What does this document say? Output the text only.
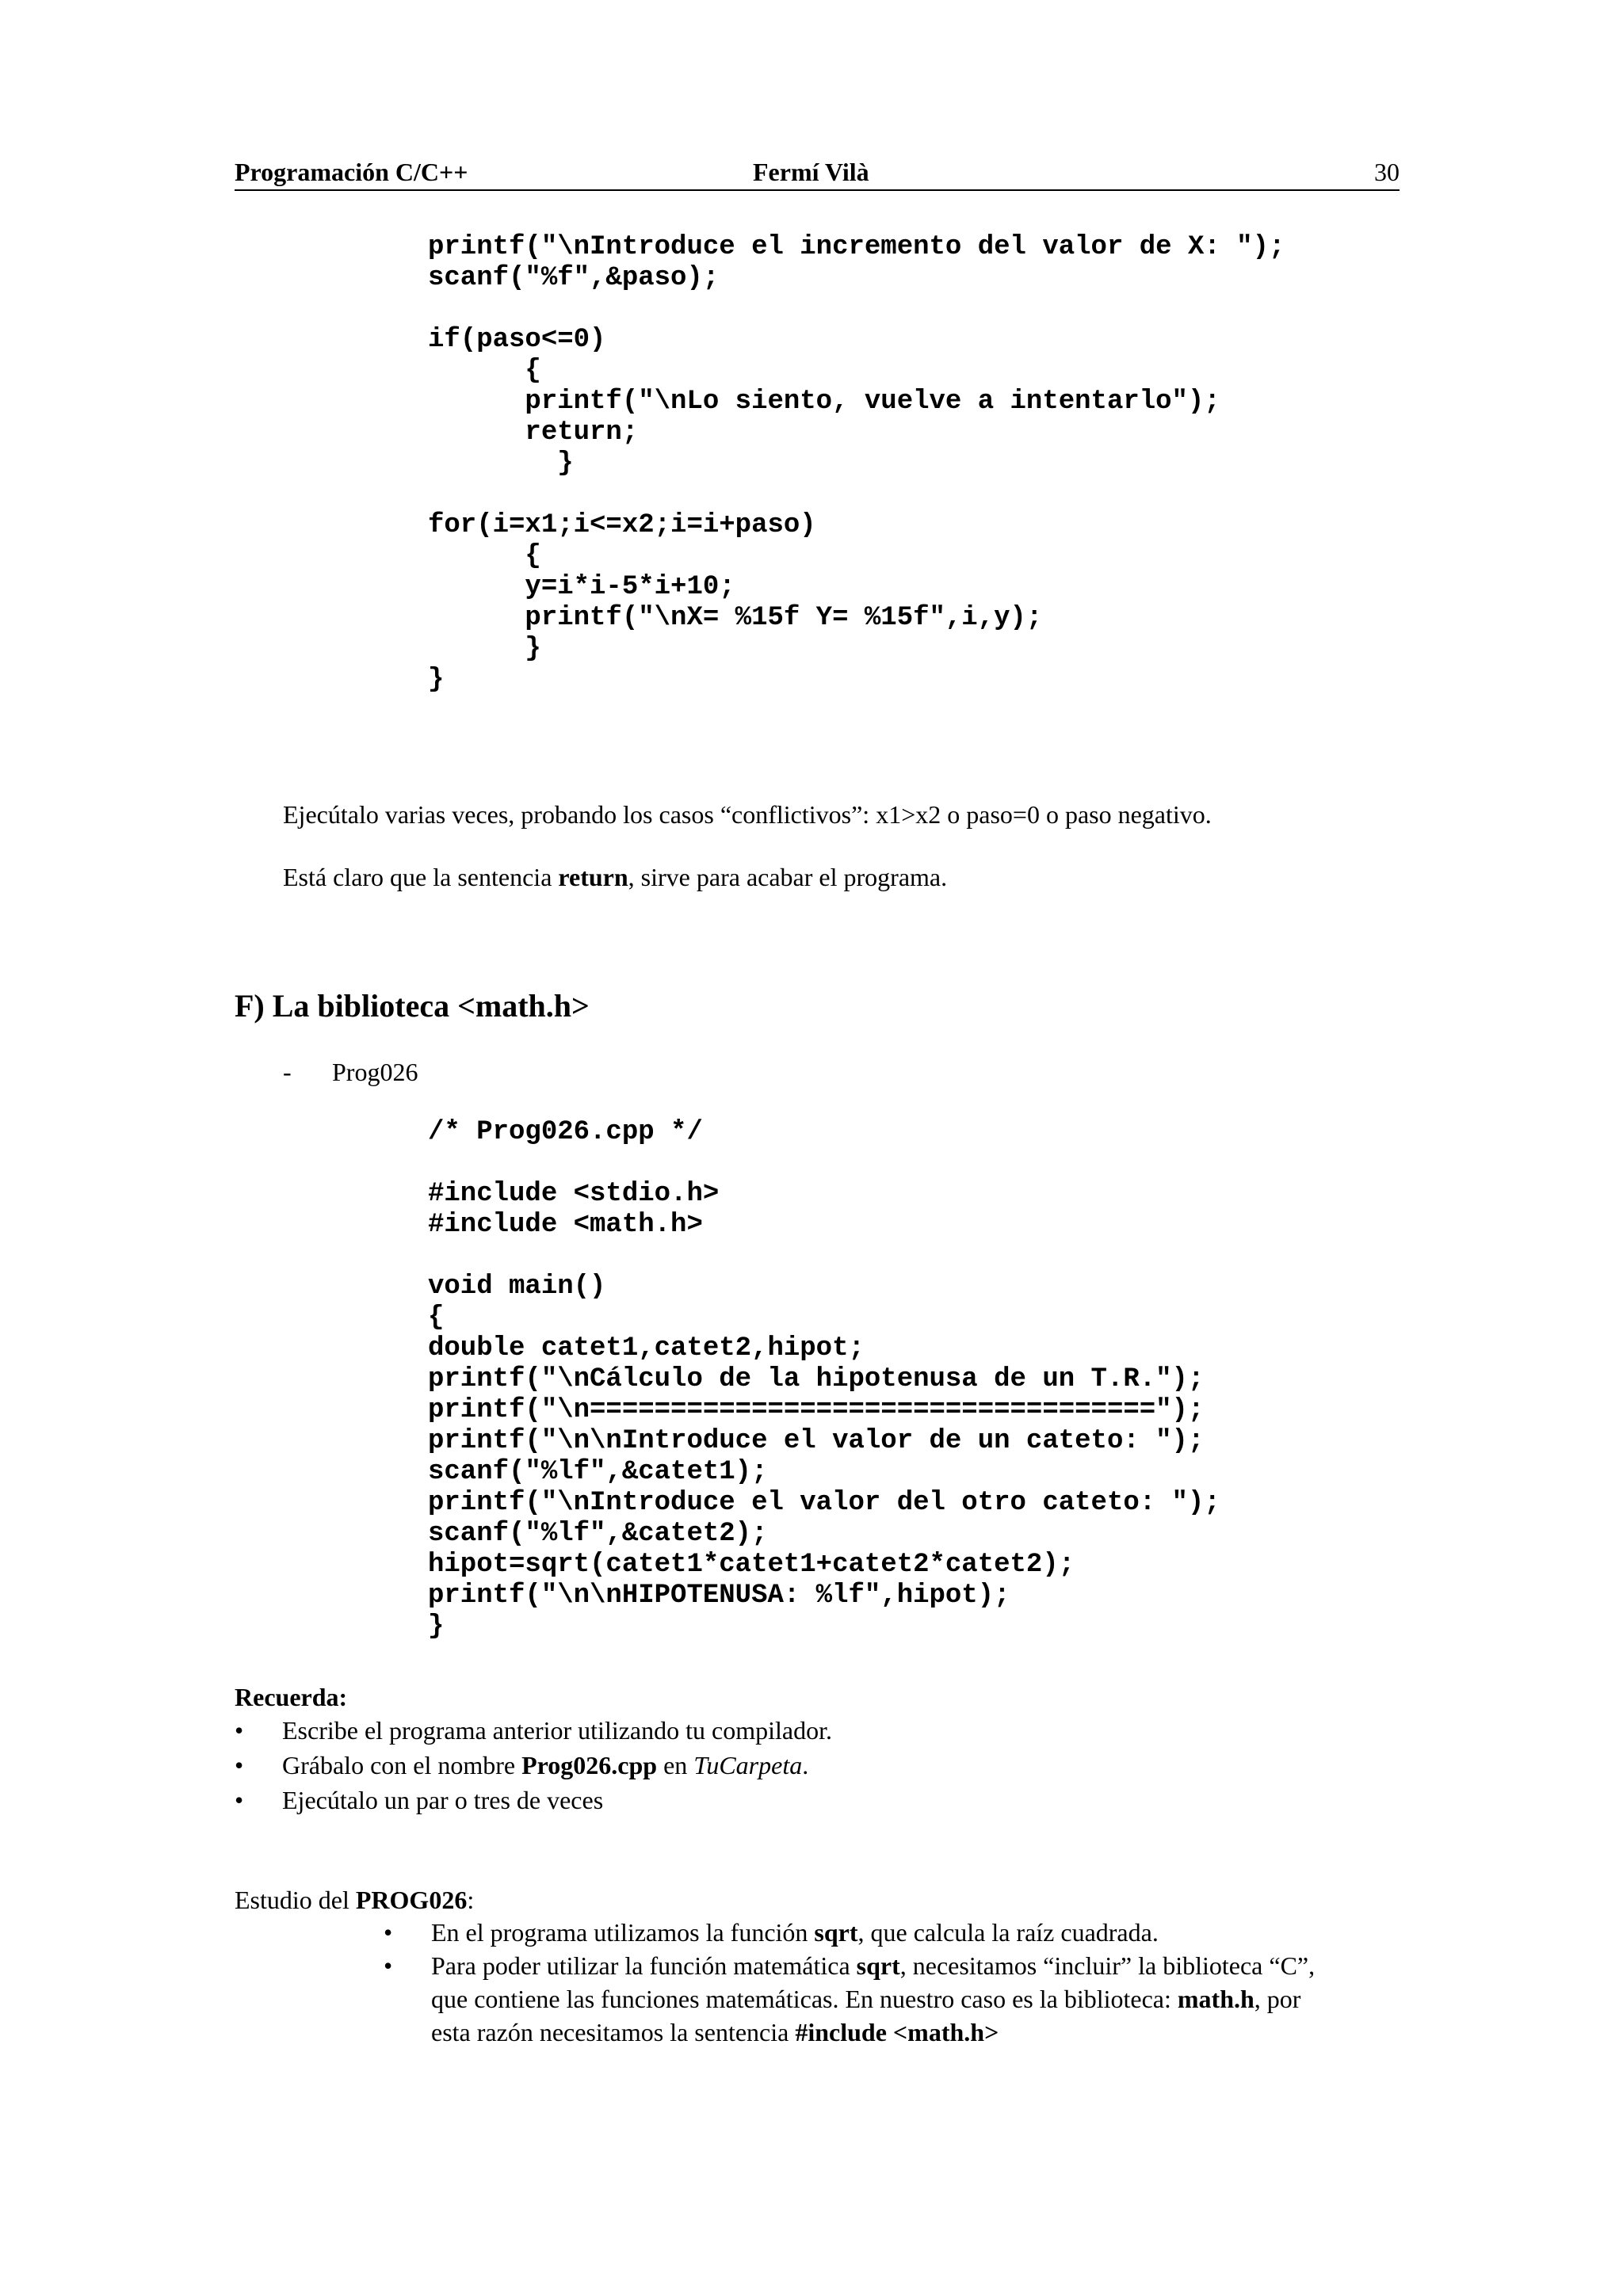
Programación C/C++	Fermí Vilà	30
printf("\nIntroduce el incremento del valor de X: ");
scanf("%f",&paso);

if(paso<=0)
{
printf("\nLo siento, vuelve a intentarlo");
return;
}

for(i=x1;i<=x2;i=i+paso)
{
y=i*i-5*i+10;
printf("\nX= %15f Y= %15f",i,y);
}
}
Ejecútalo varias veces, probando los casos “conflictivos”: x1>x2 o paso=0 o paso negativo.
Está claro que la sentencia return, sirve para acabar el programa.
F) La biblioteca <math.h>
- Prog026
/* Prog026.cpp */

#include <stdio.h>
#include <math.h>

void main()
{
double catet1,catet2,hipot;
printf("\nCálculo de la hipotenusa de un T.R.");
printf("\n===================================");
printf("\n\nIntroduce el valor de un cateto: ");
scanf("%lf",&catet1);
printf("\nIntroduce el valor del otro cateto: ");
scanf("%lf",&catet2);
hipot=sqrt(catet1*catet1+catet2*catet2);
printf("\n\nHIPOTENUSA: %lf",hipot);
}
Recuerda:
• Escribe el programa anterior utilizando tu compilador.
• Grábalo con el nombre Prog026.cpp en TuCarpeta.
• Ejecútalo un par o tres de veces
Estudio del PROG026:
• En el programa utilizamos la función sqrt, que calcula la raíz cuadrada.
• Para poder utilizar la función matemática sqrt, necesitamos “incluir” la biblioteca “C”,
que contiene las funciones matemáticas. En nuestro caso es la biblioteca: math.h, por
esta razón necesitamos la sentencia #include <math.h>
